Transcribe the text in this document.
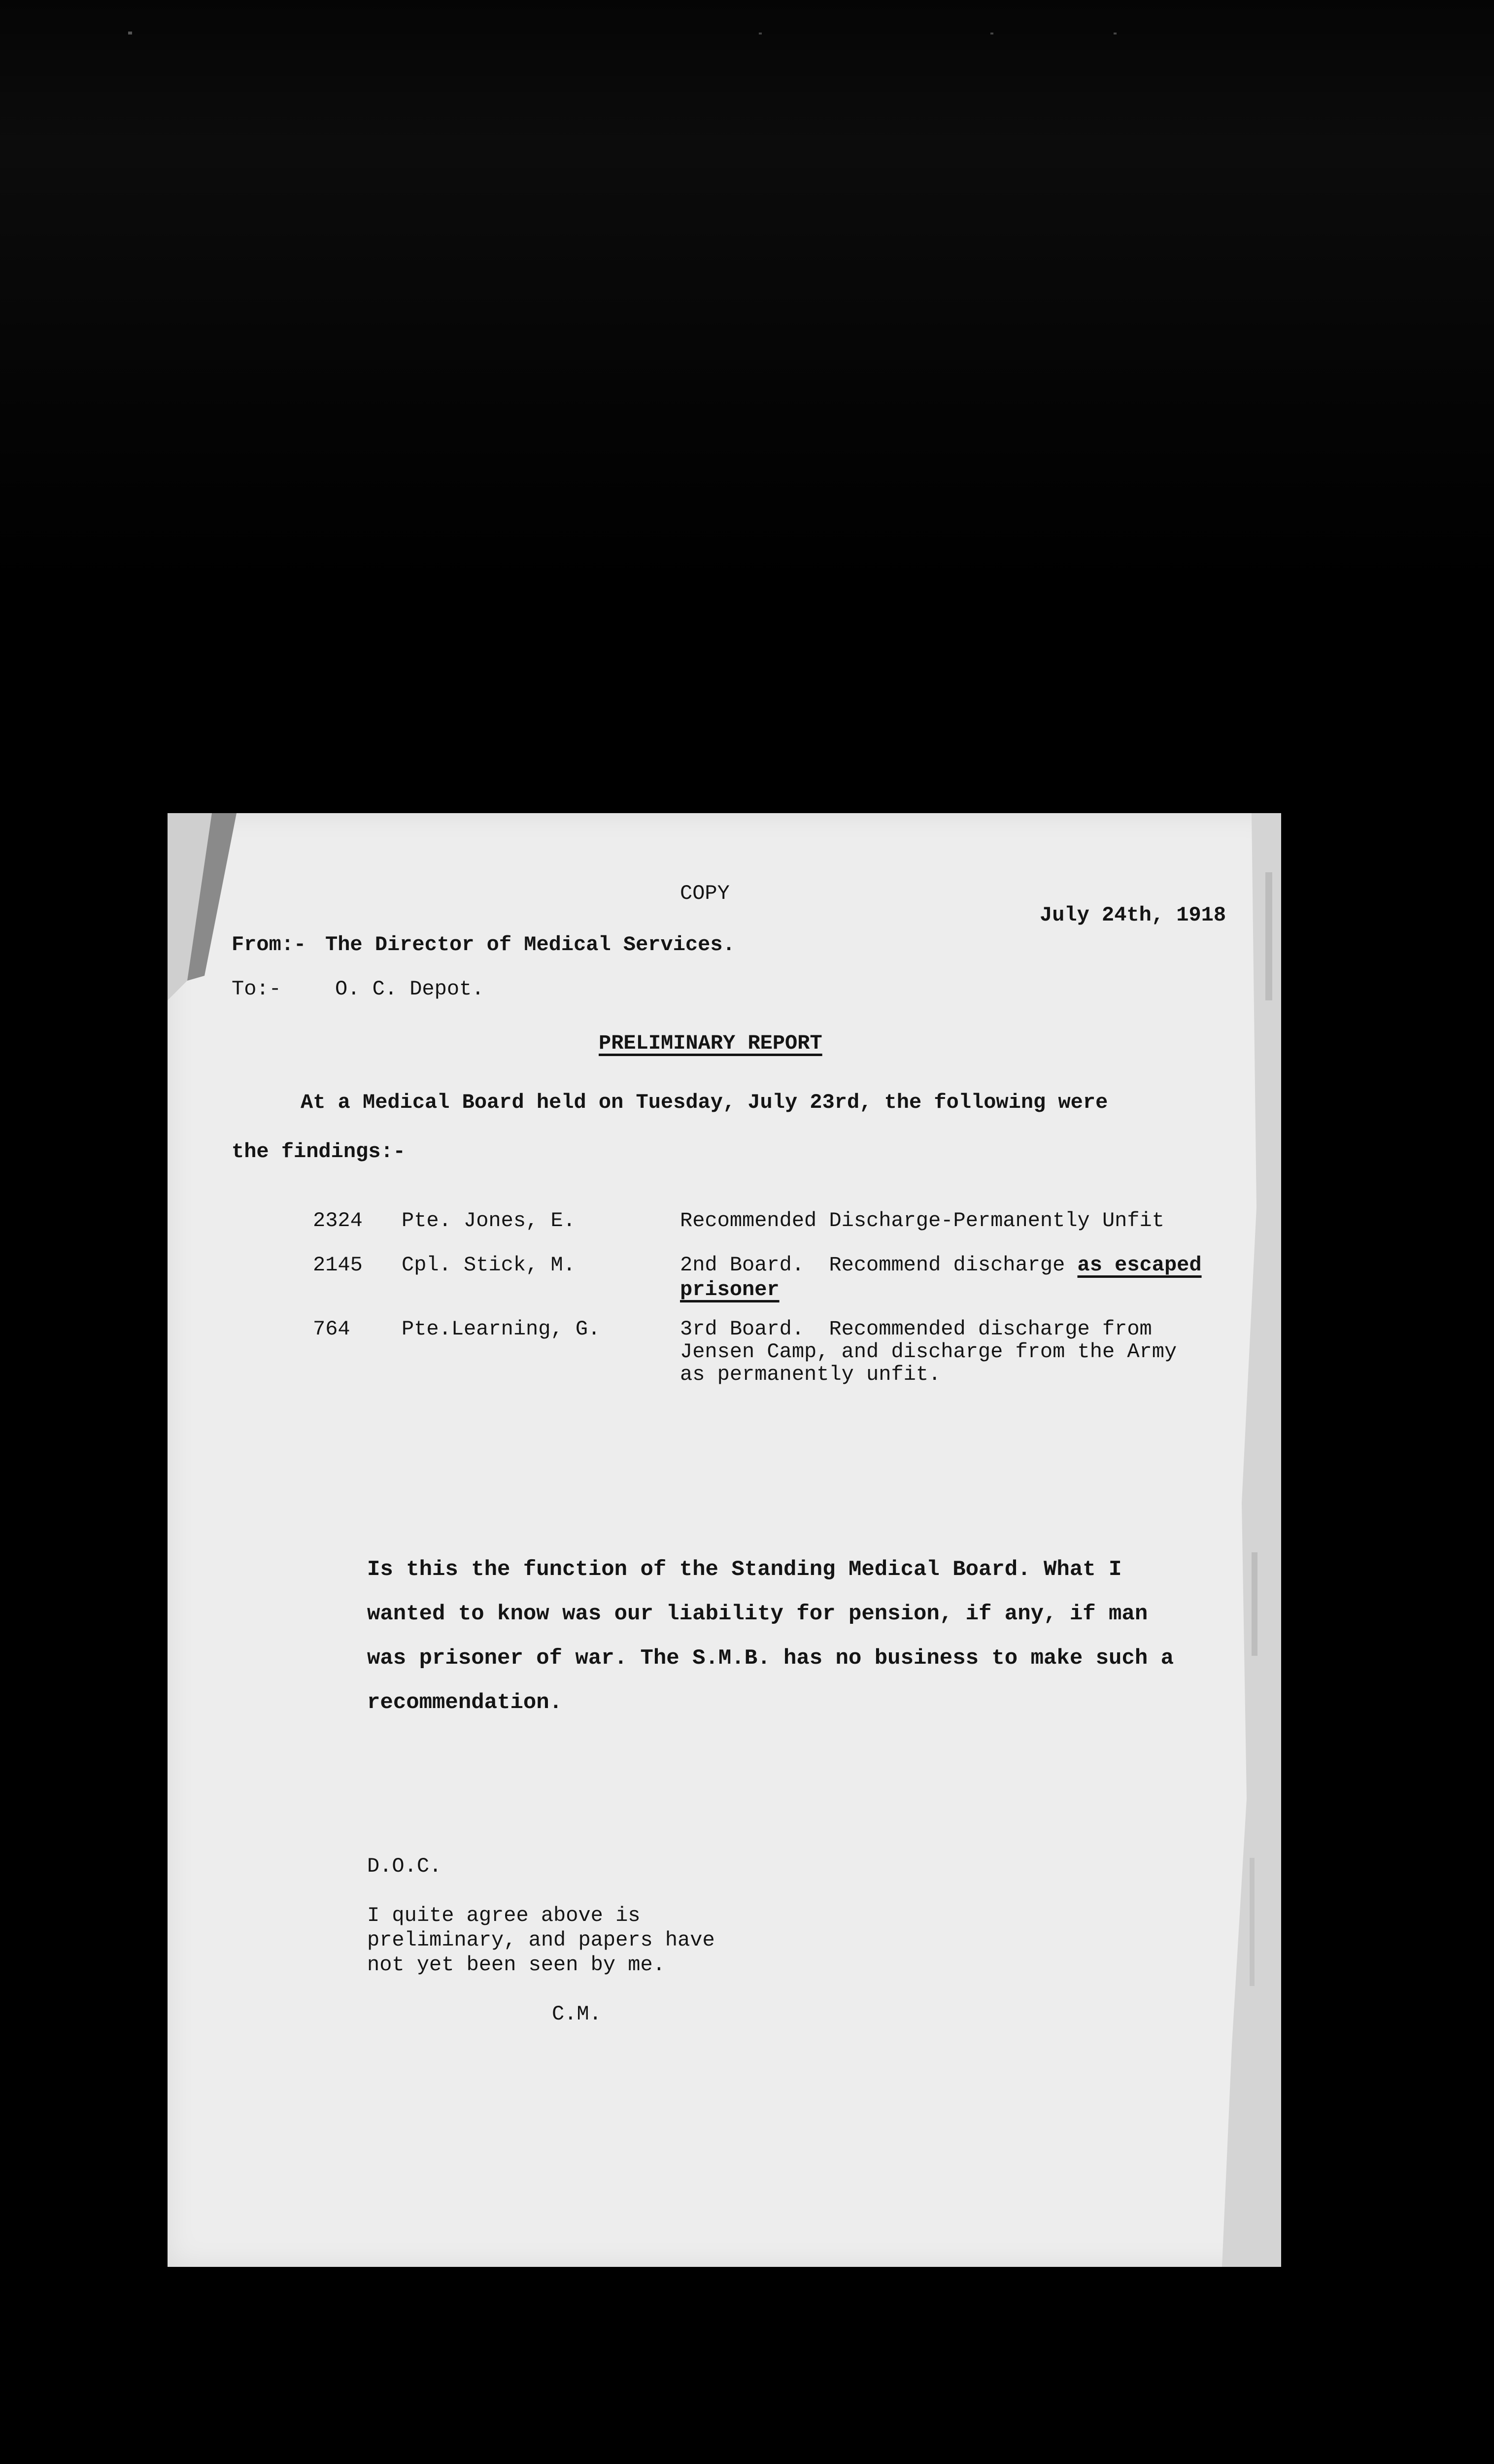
COPY
July 24th, 1918
From:- The Director of Medical Services.
To:-	O. C. Depot.
PRELIMINARY REPORT
At a Medical Board held on Tuesday, July 23rd, the following were
the findings:-
2324 Pte. Jones, E.	Recommended Discharge-Permanently Unfit
2145 Cpl. Stick, M.	2nd Board.  Recommend discharge as escaped
prisoner
764 Pte.Learning, G.	3rd Board.  Recommended discharge from
Jensen Camp, and discharge from the Army
as permanently unfit.
Is this the function of the Standing Medical Board. What I wanted to know was our liability for pension, if any, if man was prisoner of war. The S.M.B. has no business to make such a recommendation.
D.O.C.
I quite agree above is
preliminary, and papers have
not yet been seen by me.
C.M.
